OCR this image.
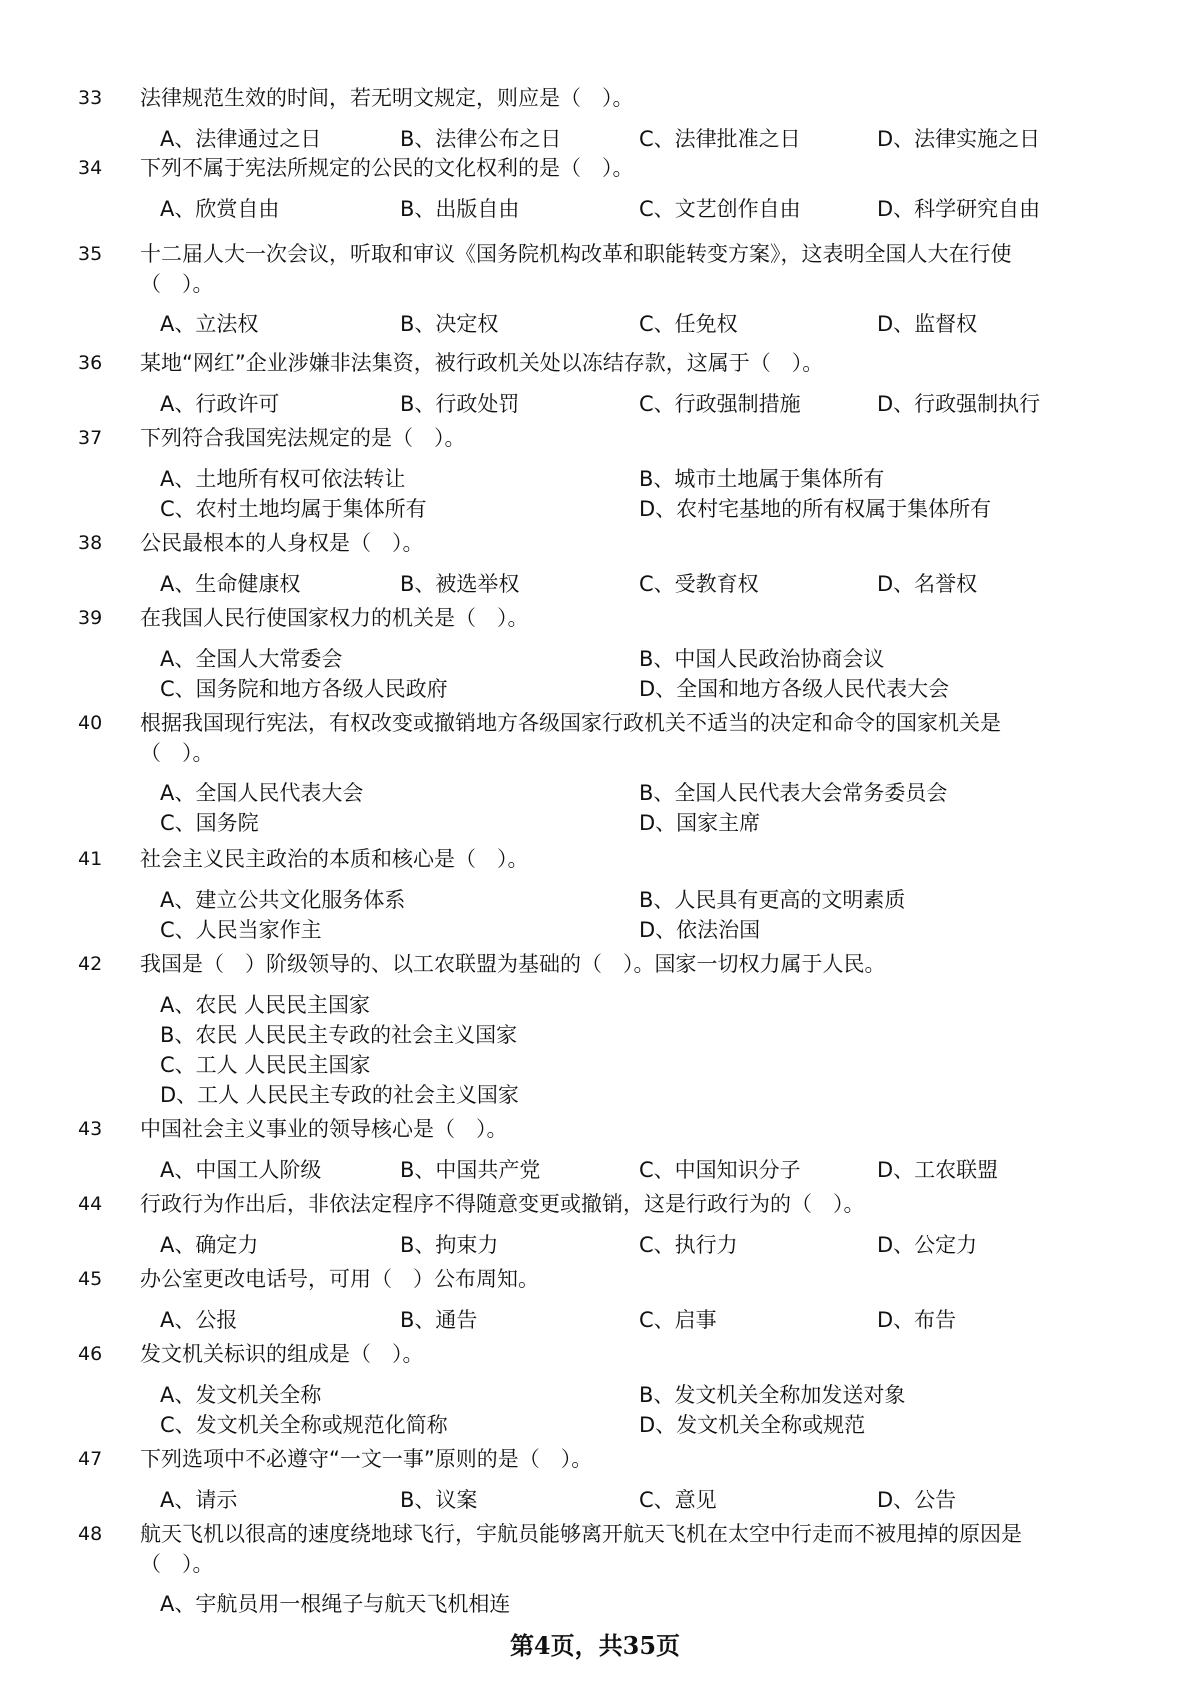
33 法律规范生效的时间，若无明文规定，则应是（　）。

A、法律通过之日	B、法律公布之日	C、法律批准之日	D、法律实施之日
34 下列不属于宪法所规定的公民的文化权利的是（　）。

A、欣赏自由	B、出版自由	C、文艺创作自由	D、科学研究自由
35 十二届人大一次会议，听取和审议《国务院机构改革和职能转变方案》，这表明全国人大在行使（　）。

A、立法权	B、决定权	C、任免权	D、监督权
36 某地“网红”企业涉嫌非法集资，被行政机关处以冻结存款，这属于（　）。

A、行政许可	B、行政处罚	C、行政强制措施	D、行政强制执行
37 下列符合我国宪法规定的是（　）。

A、土地所有权可依法转让	B、城市土地属于集体所有
C、农村土地均属于集体所有	D、农村宅基地的所有权属于集体所有
38 公民最根本的人身权是（　）。

A、生命健康权	B、被选举权	C、受教育权	D、名誉权
39 在我国人民行使国家权力的机关是（　）。

A、全国人大常委会	B、中国人民政治协商会议
C、国务院和地方各级人民政府	D、全国和地方各级人民代表大会
40 根据我国现行宪法，有权改变或撤销地方各级国家行政机关不适当的决定和命令的国家机关是（　）。

A、全国人民代表大会	B、全国人民代表大会常务委员会
C、国务院	D、国家主席
41 社会主义民主政治的本质和核心是（　）。

A、建立公共文化服务体系	B、人民具有更高的文明素质
C、人民当家作主	D、依法治国
42 我国是（　）阶级领导的、以工农联盟为基础的（　）。国家一切权力属于人民。

A、农民 人民民主国家
B、农民 人民民主专政的社会主义国家
C、工人 人民民主国家
D、工人 人民民主专政的社会主义国家
43 中国社会主义事业的领导核心是（　）。

A、中国工人阶级	B、中国共产党	C、中国知识分子	D、工农联盟
44 行政行为作出后，非依法定程序不得随意变更或撤销，这是行政行为的（　）。

A、确定力	B、拘束力	C、执行力	D、公定力
45 办公室更改电话号，可用（　）公布周知。

A、公报	B、通告	C、启事	D、布告
46 发文机关标识的组成是（　）。

A、发文机关全称	B、发文机关全称加发送对象
C、发文机关全称或规范化简称	D、发文机关全称或规范
47 下列选项中不必遵守“一文一事”原则的是（　）。

A、请示	B、议案	C、意见	D、公告
48 航天飞机以很高的速度绕地球飞行，宇航员能够离开航天飞机在太空中行走而不被甩掉的原因是（　）。

A、宇航员用一根绳子与航天飞机相连
第4页，共35页
